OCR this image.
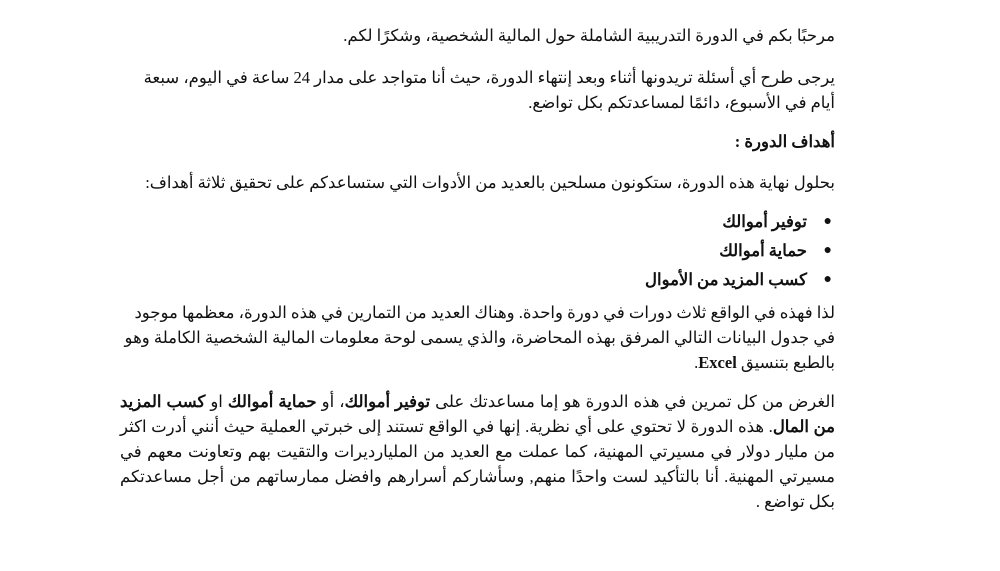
مرحبًا بكم في الدورة التدريبية الشاملة حول المالية الشخصية، وشكرًا لكم.

يرجى طرح أي أسئلة تريدونها أثناء وبعد إنتهاء الدورة، حيث أنا متواجد على مدار 24 ساعة في اليوم، سبعة أيام في الأسبوع، دائمًا لمساعدتكم بكل تواضع.

أهداف الدورة :

بحلول نهاية هذه الدورة، ستكونون مسلحين بالعديد من الأدوات التي ستساعدكم على تحقيق ثلاثة أهداف:

●
توفير أموالك
●
حماية أموالك
●
كسب المزيد من الأموال

لذا فهذه في الواقع ثلاث دورات في دورة واحدة. وهناك العديد من التمارين في هذه الدورة، معظمها موجود في جدول البيانات التالي المرفق بهذه المحاضرة، والذي يسمى لوحة معلومات المالية الشخصية الكاملة وهو بالطبع بتنسيق Excel.

الغرض من كل تمرين في هذه الدورة هو إما مساعدتك على توفير أموالك، أو حماية أموالك او كسب المزيد من المال. هذه الدورة لا تحتوي على أي نظرية. إنها في الواقع تستند إلى خبرتي العملية حيث أنني أدرت اكثر من مليار دولار في مسيرتي المهنية، كما عملت مع العديد من المليارديرات والتقيت بهم وتعاونت معهم في مسيرتي المهنية. أنا بالتأكيد لست واحدًا منهم, وسأشاركم أسرارهم وافضل ممارساتهم من أجل مساعدتكم بكل تواضع .
